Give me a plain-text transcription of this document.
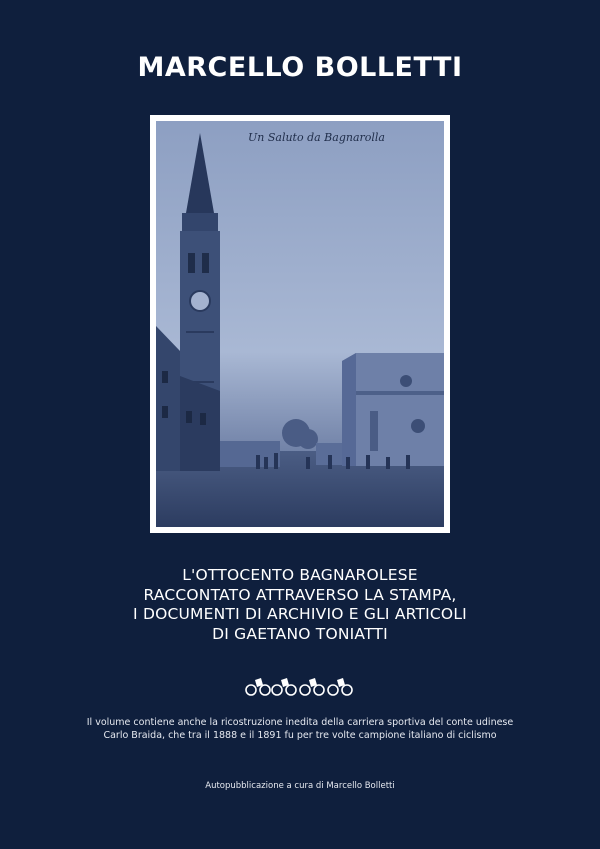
MARCELLO BOLLETTI
Un Saluto da Bagnarolla
L'OTTOCENTO BAGNAROLESE
RACCONTATO ATTRAVERSO LA STAMPA,
I DOCUMENTI DI ARCHIVIO E GLI ARTICOLI
DI GAETANO TONIATTI
Il volume contiene anche la ricostruzione inedita della carriera sportiva del conte udinese
Carlo Braida, che tra il 1888 e il 1891 fu per tre volte campione italiano di ciclismo
Autopubblicazione a cura di Marcello Bolletti
